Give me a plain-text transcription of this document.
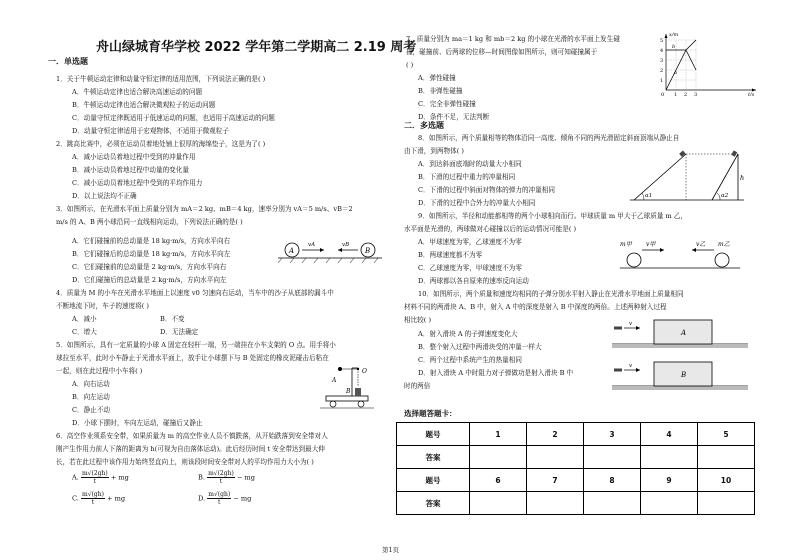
舟山绿城育华学校 2022 学年第二学期高二 2.19 周考
一．单选题
1．关于牛顿运动定律和动量守恒定律的适用范围，下列说法正确的是( )
A．牛顿运动定律也适合解决高速运动的问题
B．牛顿运动定律也适合解决微观粒子的运动问题
C．动量守恒定律既适用于低速运动的问题，也适用于高速运动的问题
D．动量守恒定律适用于宏观物体，不适用于微观粒子
2．跳高比赛中，必须在运动员着地处铺上很厚的海绵垫子，这是为了( )
A．减小运动员着地过程中受到的冲量作用
B．减小运动员着地过程中动量的变化量
C．减小运动员着地过程中受到的平均作用力
D．以上说法均不正确
3．如图所示，在光滑水平面上质量分别为 mA＝2 kg、mB＝4 kg，速率分别为 vA＝5 m/s、vB＝2
m/s 的 A、B 两小球沿同一直线相向运动，下列说法正确的是( )
A．它们碰撞前的总动量是 18 kg·m/s，方向水平向右
B．它们碰撞后的总动量是 18 kg·m/s，方向水平向左
C．它们碰撞前的总动量是 2 kg·m/s，方向水平向右
D．它们碰撞后的总动量是 2 kg·m/s，方向水平向左
A	B
vA	vB
4．质量为 M 的小车在光滑水平地面上以速度 v0 匀速向右运动，当车中的沙子从底部的漏斗中
不断地流下时，车子的速度将( )
A．减小	B．不变
C．增大	D．无法确定
5．如图所示，具有一定质量的小球 A 固定在轻杆一端，另一端挂在小车支架的 O 点。用手将小
球拉至水平，此时小车静止于光滑水平面上，放手让小球摆下与 B 处固定的橡皮泥碰击后粘在
一起，则在此过程中小车将( )
A．向右运动
B．向左运动
C．静止不动
D．小球下摆时，车向左运动，碰撞后又静止
A
O
B
6．高空作业须系安全带，如果质量为 m 的高空作业人员不慎跌落，从开始跌落到安全带对人
刚产生作用力前人下落的距离为 h(可视为自由落体运动)。此后经历时间 t 安全带达到最大伸
长，若在此过程中该作用力始终竖直向上，则该段时间安全带对人的平均作用力大小为( )
A. $\frac{m√(2gh)}{t}$ + mg	B. $\frac{m√(2gh)}{t}$ − mg
C. $\frac{m√(gh)}{t}$ + mg	D. $\frac{m√(gh)}{t}$ − mg
7．质量分别为 ma＝1 kg 和 mb＝2 kg 的小球在光滑的水平面上发生碰
撞，碰撞前、后两球的位移—时间图像如图所示，则可知碰撞属于
( )
A．弹性碰撞
B．非弹性碰撞
C．完全非弹性碰撞
D．条件不足，无法判断
5
4
3
2
1
0 1 2 3	t/s
x/m
a
b
二．多选题
8．如图所示，两个质量相等的物体沿同一高度、倾角不同的两光滑固定斜面顶端从静止自
由下滑，到两物体( )
A．到达斜面底端时的动量大小相同
B．下滑的过程中重力的冲量相同
C．下滑的过程中斜面对物体的弹力的冲量相同
D．下滑的过程中合外力的冲量大小相同
α1	α2
h
9．如图所示，半径和动能都相等的两个小球相向而行。甲球质量 m 甲大于乙球质量 m 乙，
水平面是光滑的，两球做对心碰撞以后的运动情况可能是( )
A．甲球速度为零，乙球速度不为零
B．两球速度都不为零
C．乙球速度为零，甲球速度不为零
D．两球都以各自原来的速率反向运动
m甲 v甲	m乙
v乙
10．如图所示，两个质量和速度均相同的子弹分别水平射入静止在光滑水平地面上质量相同
材料不同的两滑块 A、B 中，射入 A 中的深度是射入 B 中深度的两倍。上述两种射入过程
相比较( )
A．射入滑块 A 的子弹速度变化大
B．整个射入过程中两滑块受的冲量一样大
C．两个过程中系统产生的热量相同
D．射入滑块 A 中时阻力对子弹做功是射入滑块 B 中
时的两倍
v
A
v
B
选择题答题卡：
题号	1	2	3	4	5
答案					
题号	6	7	8	9	10
答案					
第1页
